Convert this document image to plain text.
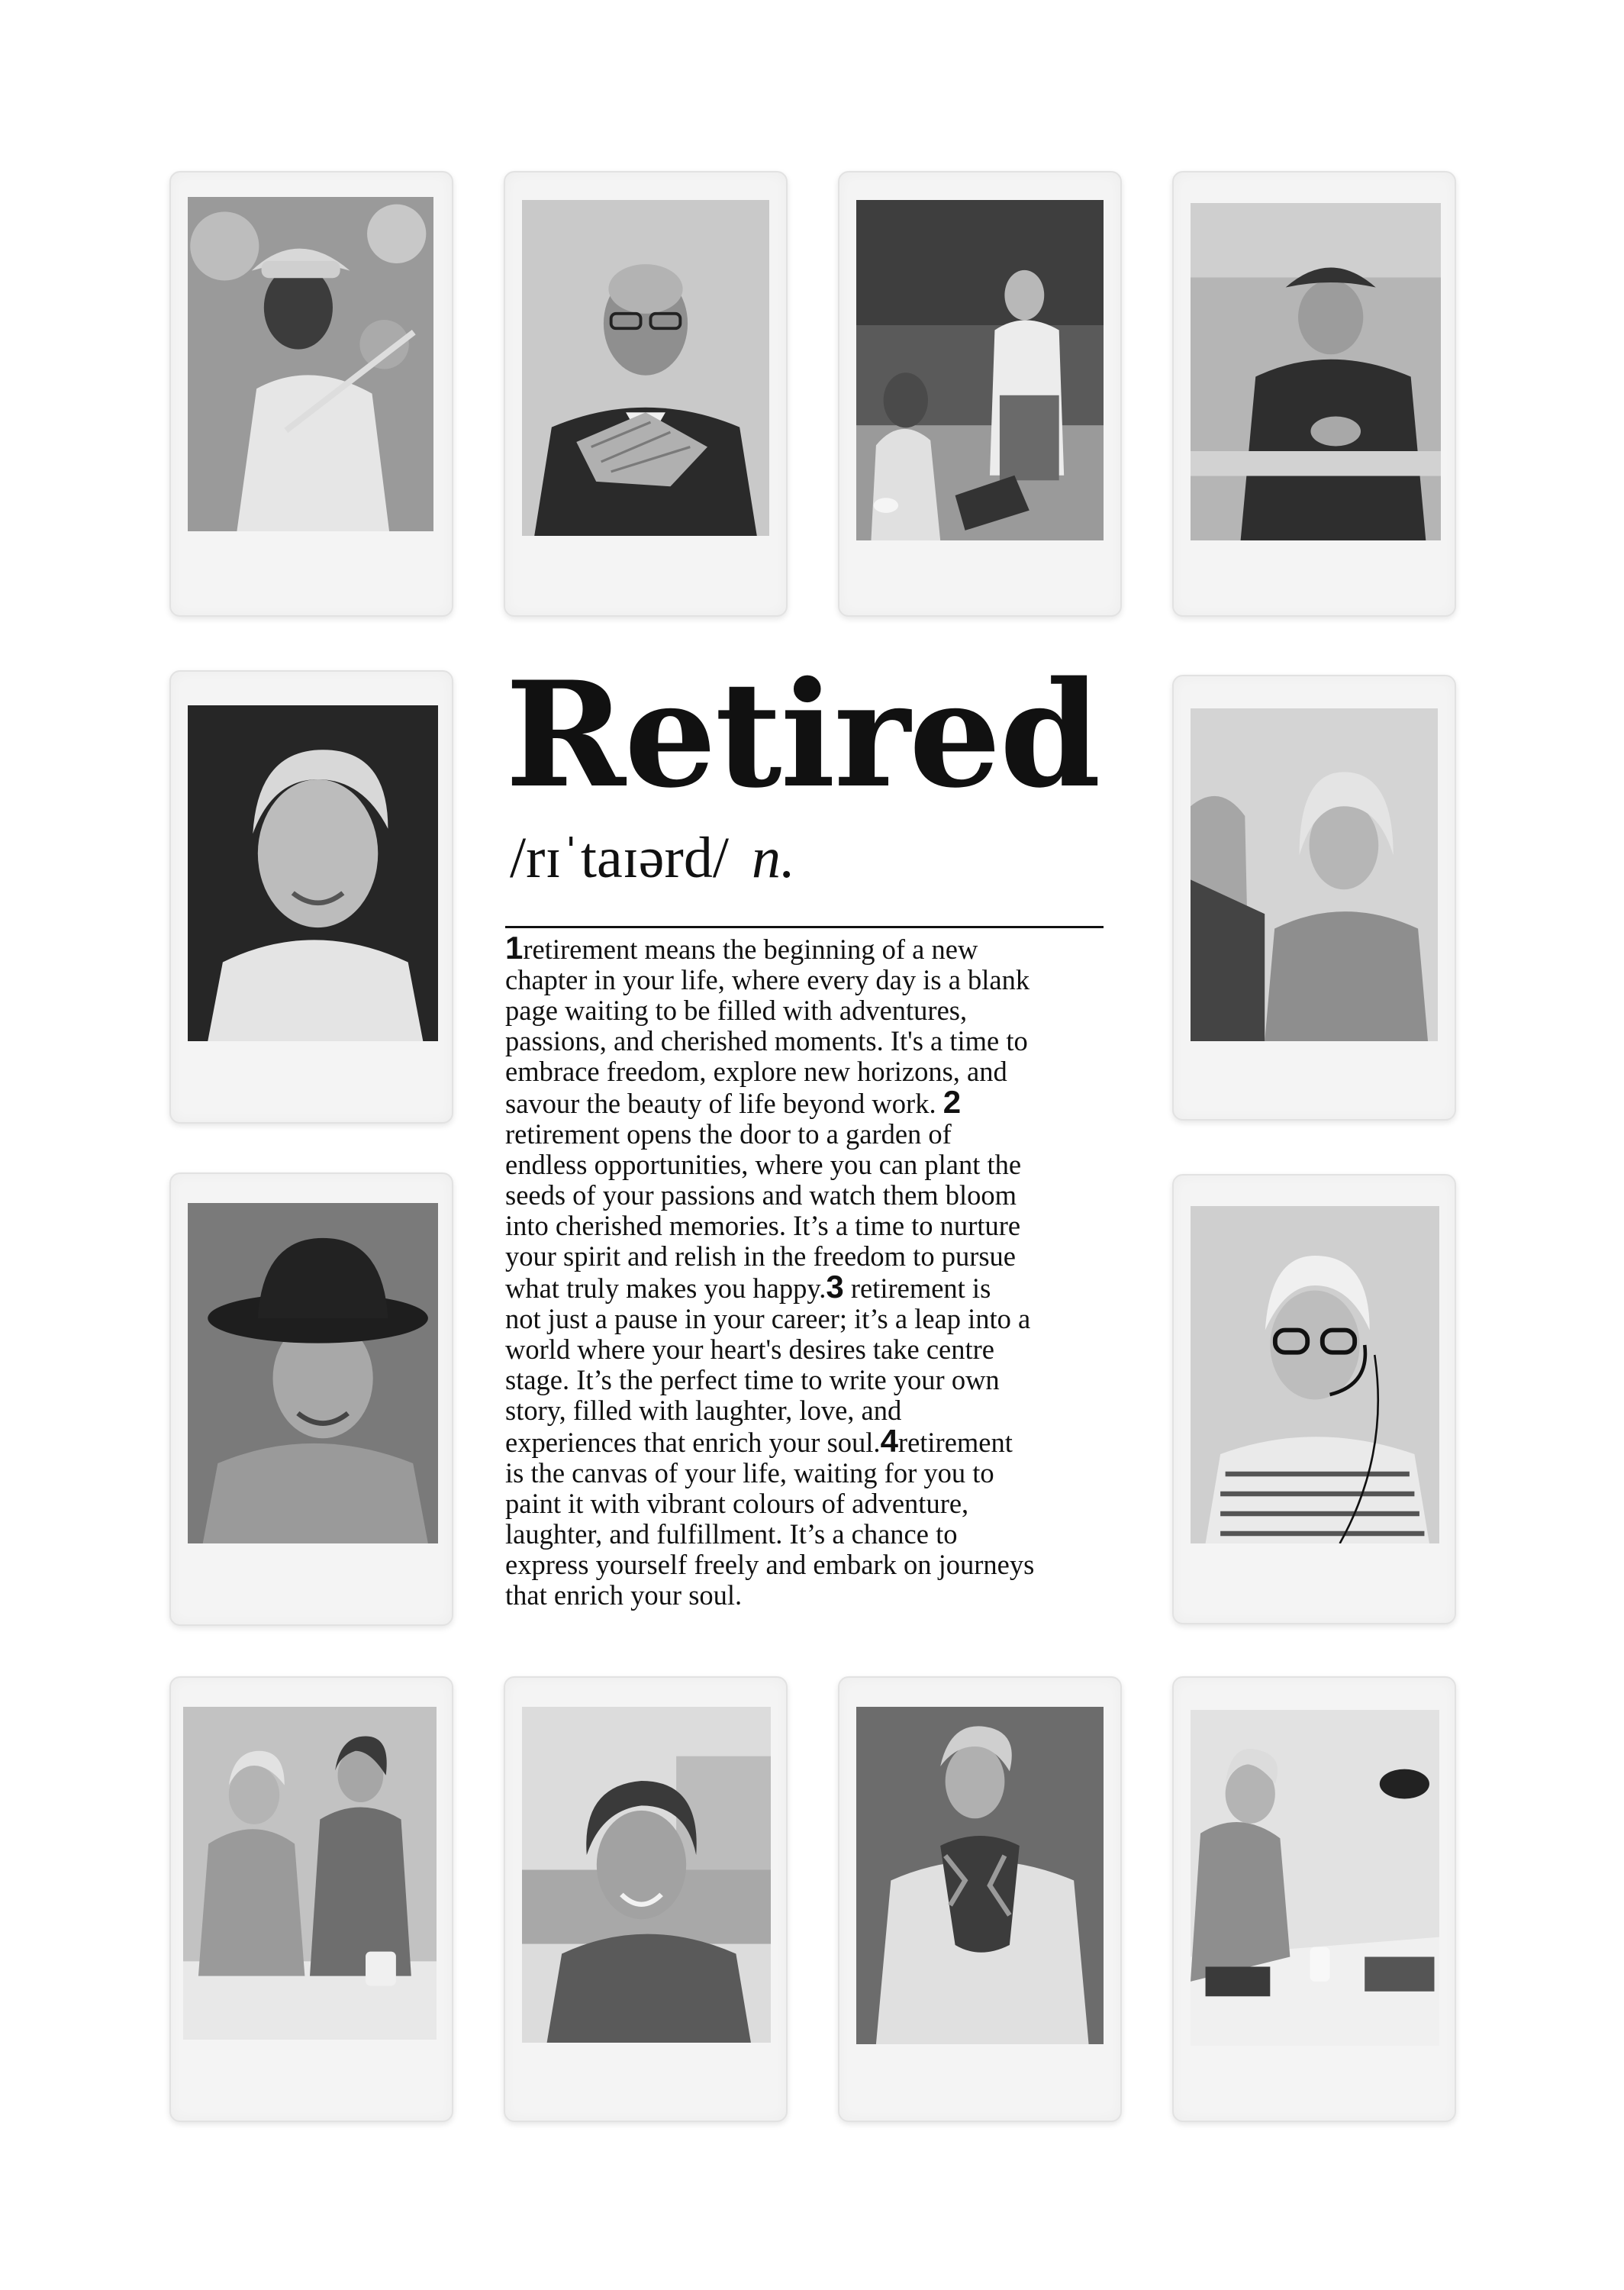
Retired
/rɪˈtaɪərd/ n.

1retirement means the beginning of a new
chapter in your life, where every day is a blank
page waiting to be filled with adventures,
passions, and cherished moments. It's a time to
embrace freedom, explore new horizons, and
savour the beauty of life beyond work. 2
retirement opens the door to a garden of
endless opportunities, where you can plant the
seeds of your passions and watch them bloom
into cherished memories. It’s a time to nurture
your spirit and relish in the freedom to pursue
what truly makes you happy.3 retirement is
not just a pause in your career; it’s a leap into a
world where your heart's desires take centre
stage. It’s the perfect time to write your own
story, filled with laughter, love, and
experiences that enrich your soul.4retirement
is the canvas of your life, waiting for you to
paint it with vibrant colours of adventure,
laughter, and fulfillment. It’s a chance to
express yourself freely and embark on journeys
that enrich your soul.
